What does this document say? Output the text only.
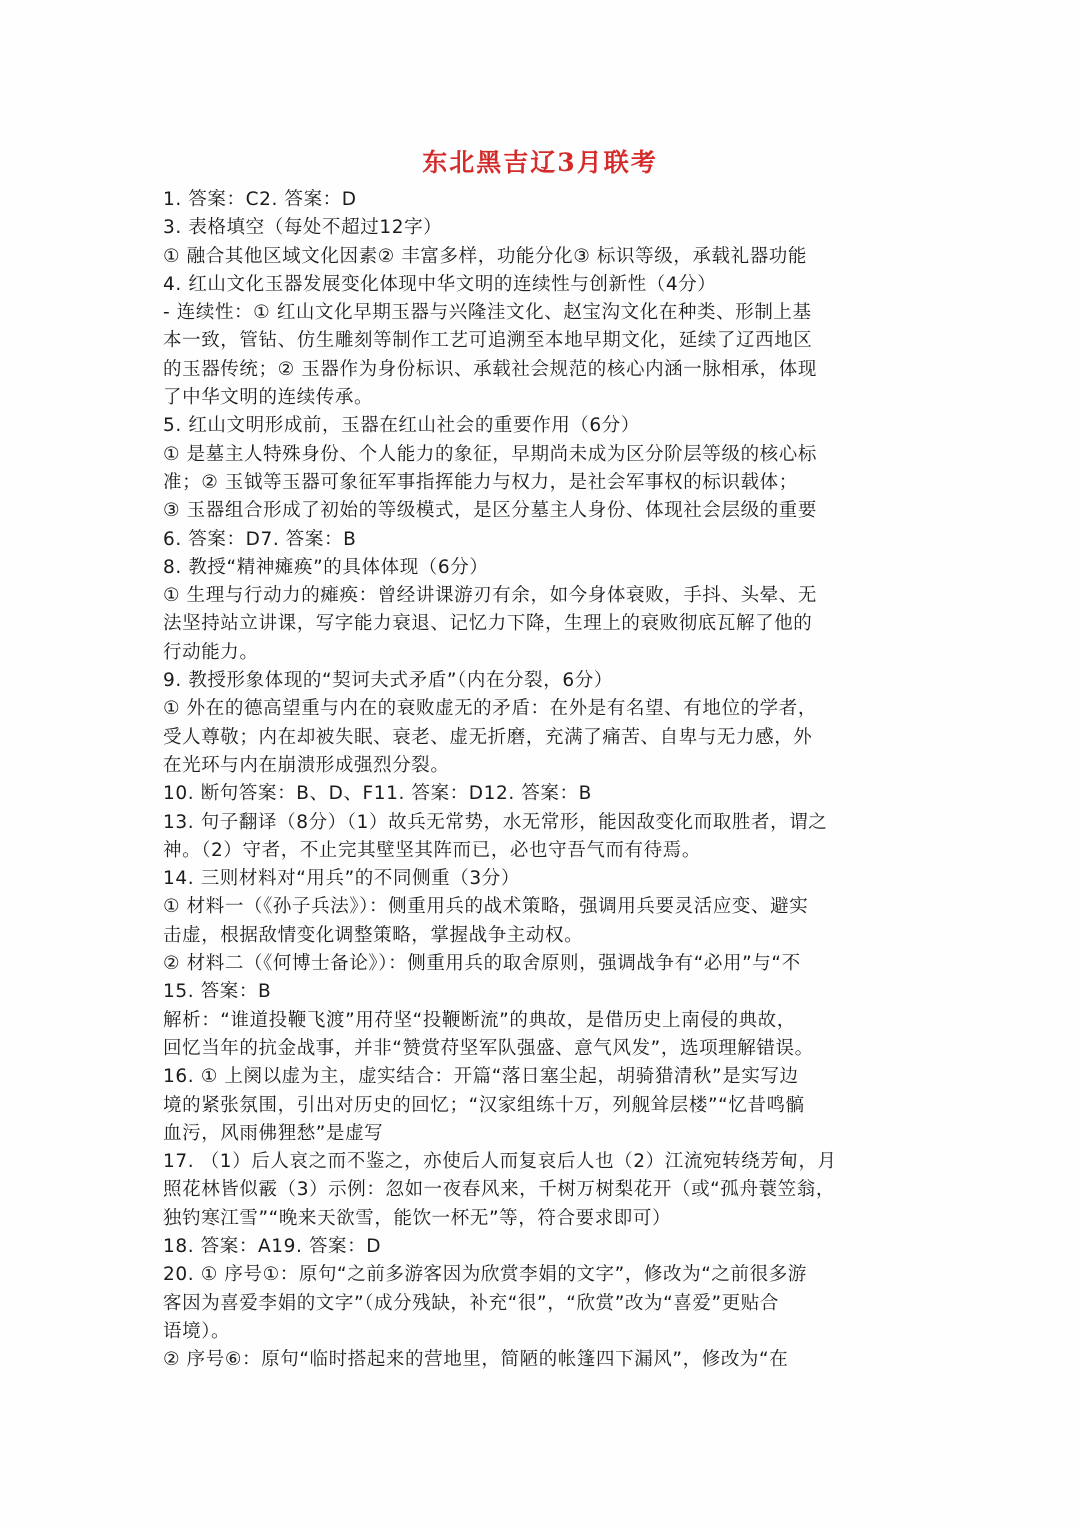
东北黑吉辽3月联考
1. 答案：C2. 答案：D
3. 表格填空（每处不超过12字）
① 融合其他区域文化因素② 丰富多样，功能分化③ 标识等级，承载礼器功能
4. 红山文化玉器发展变化体现中华文明的连续性与创新性（4分）
- 连续性：① 红山文化早期玉器与兴隆洼文化、赵宝沟文化在种类、形制上基
本一致，管钻、仿生雕刻等制作工艺可追溯至本地早期文化，延续了辽西地区
的玉器传统；② 玉器作为身份标识、承载社会规范的核心内涵一脉相承，体现
了中华文明的连续传承。
5. 红山文明形成前，玉器在红山社会的重要作用（6分）
① 是墓主人特殊身份、个人能力的象征，早期尚未成为区分阶层等级的核心标
准；② 玉钺等玉器可象征军事指挥能力与权力，是社会军事权的标识载体；
③ 玉器组合形成了初始的等级模式，是区分墓主人身份、体现社会层级的重要
6. 答案：D7. 答案：B
8. 教授“精神瘫痪”的具体体现（6分）
① 生理与行动力的瘫痪：曾经讲课游刃有余，如今身体衰败，手抖、头晕、无
法坚持站立讲课，写字能力衰退、记忆力下降，生理上的衰败彻底瓦解了他的
行动能力。
9. 教授形象体现的“契诃夫式矛盾”（内在分裂，6分）
① 外在的德高望重与内在的衰败虚无的矛盾：在外是有名望、有地位的学者，
受人尊敬；内在却被失眠、衰老、虚无折磨，充满了痛苦、自卑与无力感，外
在光环与内在崩溃形成强烈分裂。
10. 断句答案：B、D、F11. 答案：D12. 答案：B
13. 句子翻译（8分）（1）故兵无常势，水无常形，能因敌变化而取胜者，谓之
神。（2）守者，不止完其壁坚其阵而已，必也守吾气而有待焉。
14. 三则材料对“用兵”的不同侧重（3分）
① 材料一（《孙子兵法》）：侧重用兵的战术策略，强调用兵要灵活应变、避实
击虚，根据敌情变化调整策略，掌握战争主动权。
② 材料二（《何博士备论》）：侧重用兵的取舍原则，强调战争有“必用”与“不
15. 答案：B
解析：“谁道投鞭飞渡”用苻坚“投鞭断流”的典故，是借历史上南侵的典故，
回忆当年的抗金战事，并非“赞赏苻坚军队强盛、意气风发”，选项理解错误。
16. ① 上阕以虚为主，虚实结合：开篇“落日塞尘起，胡骑猎清秋”是实写边
境的紧张氛围，引出对历史的回忆；“汉家组练十万，列舰耸层楼”“忆昔鸣髇
血污，风雨佛狸愁”是虚写
17. （1）后人哀之而不鉴之，亦使后人而复哀后人也（2）江流宛转绕芳甸，月
照花林皆似霰（3）示例：忽如一夜春风来，千树万树梨花开（或“孤舟蓑笠翁，
独钓寒江雪”“晚来天欲雪，能饮一杯无”等，符合要求即可）
18. 答案：A19. 答案：D
20. ① 序号①：原句“之前多游客因为欣赏李娟的文字”，修改为“之前很多游
客因为喜爱李娟的文字”（成分残缺，补充“很”，“欣赏”改为“喜爱”更贴合
语境）。
② 序号⑥：原句“临时搭起来的营地里，简陋的帐篷四下漏风”，修改为“在
